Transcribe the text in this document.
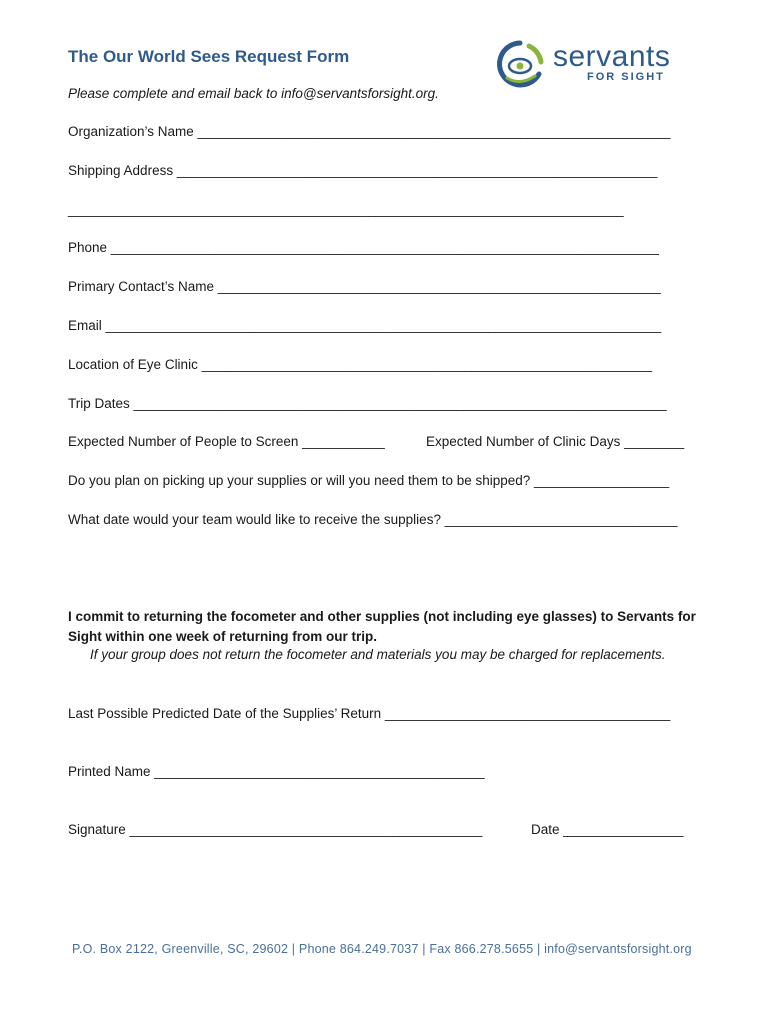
The Our World Sees Request Form
Please complete and email back to info@servantsforsight.org.
servants
FOR SIGHT
Organization’s Name _______________________________________________________________
Shipping Address ________________________________________________________________
__________________________________________________________________________
Phone _________________________________________________________________________
Primary Contact’s Name ___________________________________________________________
Email __________________________________________________________________________
Location of Eye Clinic ____________________________________________________________
Trip Dates _______________________________________________________________________
Expected Number of People to Screen ___________	Expected Number of Clinic Days ________
Do you plan on picking up your supplies or will you need them to be shipped? __________________
What date would your team would like to receive the supplies? _______________________________
I commit to returning the focometer and other supplies (not including eye glasses) to Servants for Sight within one week of returning from our trip.
If your group does not return the focometer and materials you may be charged for replacements.
Last Possible Predicted Date of the Supplies’ Return ______________________________________
Printed Name ____________________________________________
Signature _______________________________________________	Date ________________
P.O. Box 2122, Greenville, SC, 29602 | Phone 864.249.7037 | Fax 866.278.5655 | info@servantsforsight.org
